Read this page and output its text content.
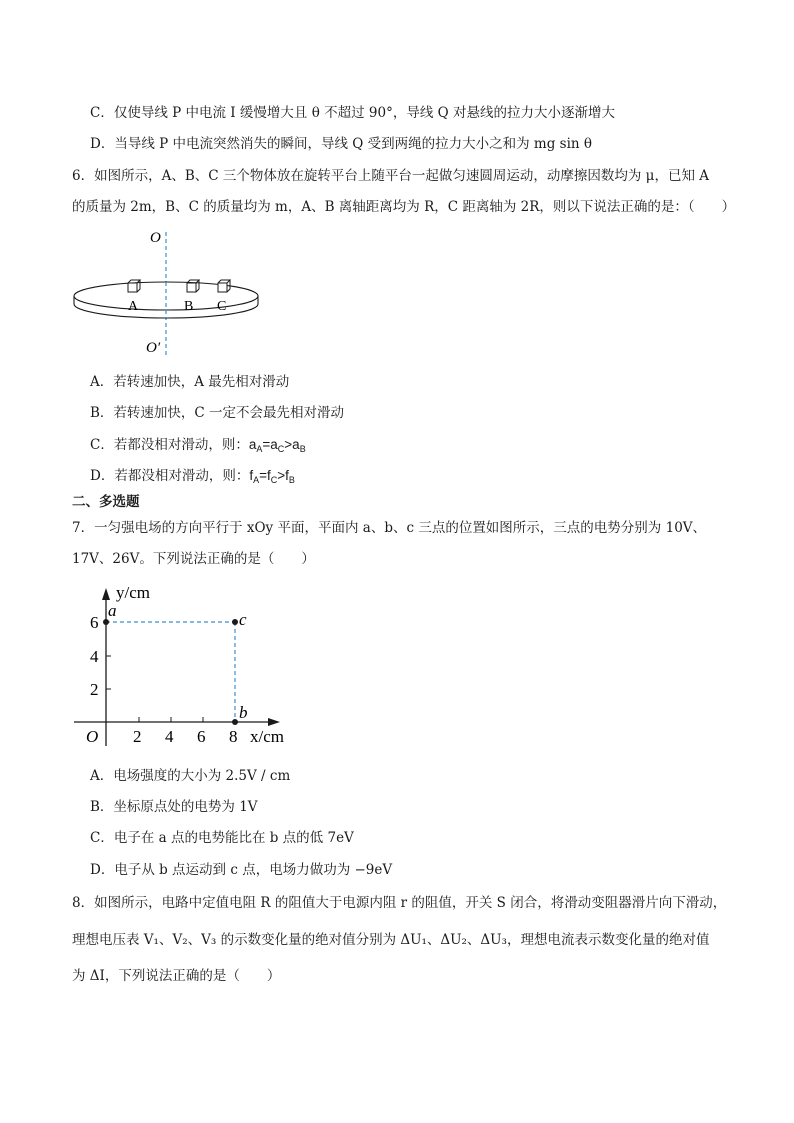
C．仅使导线 P 中电流 I 缓慢增大且 θ 不超过 90°，导线 Q 对悬线的拉力大小逐渐增大
D．当导线 P 中电流突然消失的瞬间，导线 Q 受到两绳的拉力大小之和为 mg sin θ
6．如图所示，A、B、C 三个物体放在旋转平台上随平台一起做匀速圆周运动，动摩擦因数均为 μ，已知 A
的质量为 2m，B、C 的质量均为 m，A、B 离轴距离均为 R，C 距离轴为 2R，则以下说法正确的是：（　　）
O
A	B C
O′
A．若转速加快，A 最先相对滑动
B．若转速加快，C 一定不会最先相对滑动
C．若都没相对滑动，则：$a_A=a_C>a_B$
D．若都没相对滑动，则：$f_A=f_C>f_B$
二、多选题
7．一匀强电场的方向平行于 xOy 平面，平面内 a、b、c 三点的位置如图所示，三点的电势分别为 10V、
17V、26V。下列说法正确的是（　　）
y/cm
x/cm
O 2 4 6 8
2
4
6
a	c
b
A．电场强度的大小为 2.5V / cm
B．坐标原点处的电势为 1V
C．电子在 a 点的电势能比在 b 点的低 7eV
D．电子从 b 点运动到 c 点，电场力做功为 −9eV
8．如图所示，电路中定值电阻 R 的阻值大于电源内阻 r 的阻值，开关 S 闭合，将滑动变阻器滑片向下滑动，
理想电压表 V₁、V₂、V₃ 的示数变化量的绝对值分别为 ΔU₁、ΔU₂、ΔU₃，理想电流表示数变化量的绝对值
为 ΔI，下列说法正确的是（　　）
